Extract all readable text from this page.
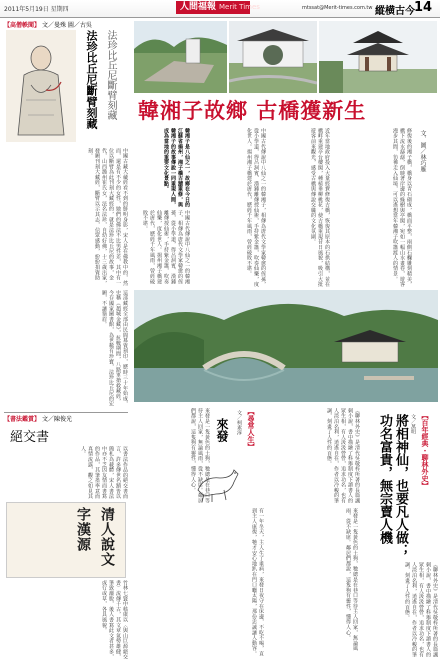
2011年5月19日 星期四	人間福報 Merit Times	mtssat@Merit-times.com.tw 縱横古今 14
【高僧軼聞】 文／曼殊 圖／古吳
法珍比丘尼斷臂刻藏 法珍比丘尼斷臂刻藏
中國古藏大蔵經看不到的鮮明身影，宋人是在佛教中的，然而，還是有不少的女性，她們的佛法不比男性差，其中有一位以斷臂為此刊刻大藏經的，就是法珍比丘尼的故事，金代，山西潞州崔氏女，法名法珍，自幼好佛，十三歲出家，發願刊刻大藏經，斷臂以示其志，信眾感動，紛紛捐資助刻。
這部藏經全部由民間募資刻印，歷時三十年始成，史稱《趙城金藏》，抗戰期間，八路軍搶救藏經，今存國家圖書館，為世稀有珍寶，法珍比丘尼的宏願，不讓鬚眉。
【書法鑑賞】 文／陳俊光
絕交書
以書法作品的絕交書而言，許多傳世名蹟皆以簡札為載體，宋人書法中亦不乏因友情而書寫的作品，其筆墨率意而真情流露，觀之如見其人。
清人說文字漢源
竹林七賢中嵇康以〈與山巨源絕交書〉流傳千古，其文章氣勢雄健，筆致灑脫，後人書寫此文者甚多，或行或草，各具風貌。
韓湘子故鄉 古橋獲新生
韓湘子是八仙之一，故鄉在今日的江蘇省揚州，湘子橋古蹟重修，與韓湘子的故事傳說一同重現人間，成為當地的重要文化景點。	中國古代傳說中八仙之一的韓湘子，相傳為唐代文學家韓愈的侄孫，從小學道，得呂洞賓、漢鍾離傳授仙術，手持紫金簫，吹奏仙樂，度化世人。揚州湘子橋建於唐代，歷經千年風雨，曾經破敗不堪。	近年當地政府投入大量經費修復古橋，恢復其原本的石拱結構，並在橋畔重建亭台樓閣，種植垂柳桃花，使古橋重現昔日風貌，吸引大批遊客前來觀光，感受古橋與傳說交織的文化氛圍。	修復後的湘子橋，橋身以青石砌成，橋面平整，兩側石欄雕刻精美，橋下流水潺潺，倒映著岸邊的綠樹與亭閣，宛如一幅山水畫卷，遊客漫步其間，彷彿走入仙境，可以遙想當年韓湘子吹簫渡人的情景。	文、圖／林巧雁
中國古代傳說中八仙之一的韓湘子，相傳為唐代文學家韓愈的侄孫，從小學道，得呂洞賓、漢鍾離傳授仙術，手持紫金簫，吹奏仙樂，度化世人。揚州湘子橋建於唐代，歷經千年風雨，曾經破敗不堪。
【尋常人生】
文／柯素淳
來發
來發是一隻黃色的土狗，牠總是在巷口等待主人回家，無論風雨，從不缺席。鄰居們都說，這隻狗有靈性，懂得人心。
有一年冬天，主人生了重病，來發日夜守在床邊，不吃不喝，直到主人康復，牠才安心地趴在門口曬太陽，那份忠誠讓人動容。	來發是一隻黃色的土狗，牠總是在巷口等待主人回家，無論風雨，從不缺席。鄰居們都說，這隻狗有靈性，懂得人心。
【百年經典・聊林外史】
文／萬明
將相神仙，也要凡人做；功名富貴，無宗賣人機
《聊林外史》是清代吳敬梓所著的長篇諷刺小說，書中描繪了科舉制度下讀書人的眾生相，有人汲汲營營，追求功名，也有人淡泊名利，逍遙自在，作者以冷峻的筆調，刻畫了人性的百態。
《聊林外史》是清代吳敬梓所著的長篇諷刺小說，書中描繪了科舉制度下讀書人的眾生相，有人汲汲營營，追求功名，也有人淡泊名利，逍遙自在，作者以冷峻的筆調，刻畫了人性的百態。
